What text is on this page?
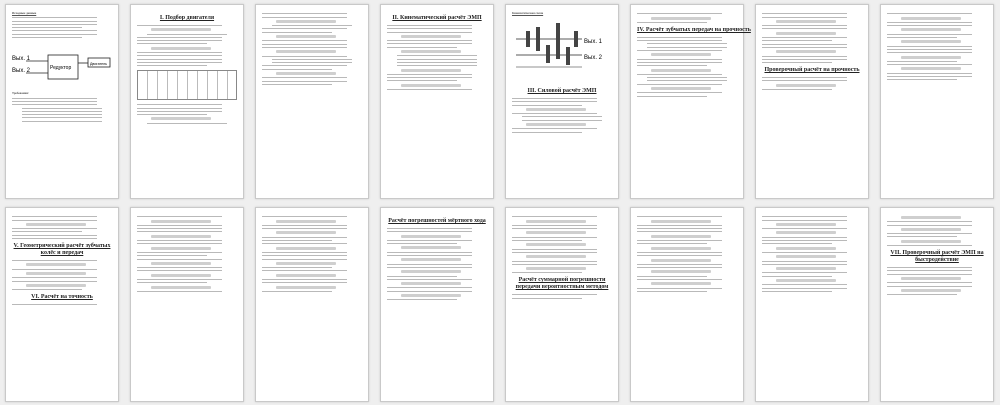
Исходные данные
Вых. 1
Вых. 2	Редуктор
Двигатель
Требования:
I. Подбор двигателя	II. Кинематический расчёт ЭМП
Кинематическая схема
Вых. 1
Вых. 2
III. Силовой расчёт ЭМП
IV. Расчёт зубчатых передач на прочность
Проверочный расчёт на прочность
V. Геометрический расчёт зубчатых колёс и передач
VI. Расчёт на точность
Расчёт погрешностей мёртвого хода
Расчёт суммарной погрешности передачи вероятностным методом
VII. Проверочный расчёт ЭМП на быстродействие
